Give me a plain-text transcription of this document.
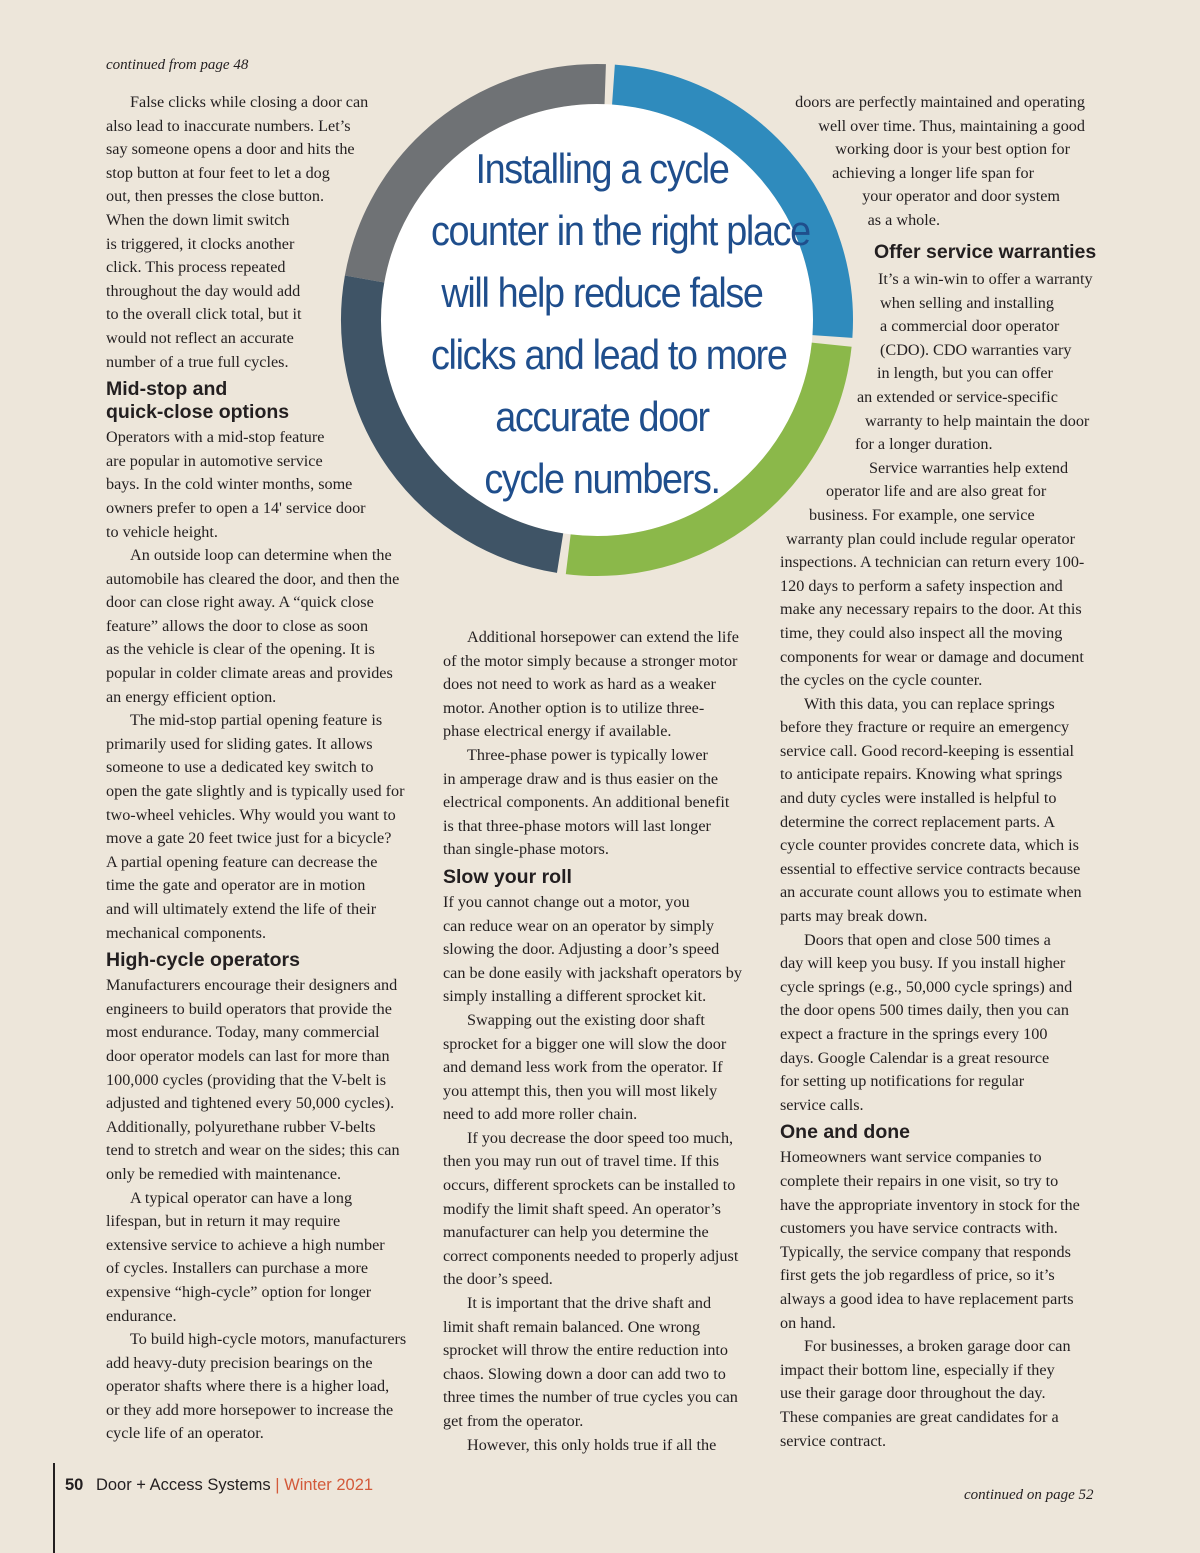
continued from page 48
Installing a cycle
counter in the right place
will help reduce false
clicks and lead to more
accurate door
cycle numbers.
False clicks while closing a door can
also lead to inaccurate numbers. Let’s
say someone opens a door and hits the
stop button at four feet to let a dog
out, then presses the close button.
When the down limit switch
is triggered, it clocks another
click. This process repeated
throughout the day would add
to the overall click total, but it
would not reflect an accurate
number of a true full cycles.
Mid-stop and
quick-close options
Operators with a mid-stop feature
are popular in automotive service
bays. In the cold winter months, some
owners prefer to open a 14' service door
to vehicle height.
An outside loop can determine when the
automobile has cleared the door, and then the
door can close right away. A “quick close
feature” allows the door to close as soon
as the vehicle is clear of the opening. It is
popular in colder climate areas and provides
an energy efficient option.
The mid-stop partial opening feature is
primarily used for sliding gates. It allows
someone to use a dedicated key switch to
open the gate slightly and is typically used for
two-wheel vehicles. Why would you want to
move a gate 20 feet twice just for a bicycle?
A partial opening feature can decrease the
time the gate and operator are in motion
and will ultimately extend the life of their
mechanical components.
High-cycle operators
Manufacturers encourage their designers and
engineers to build operators that provide the
most endurance. Today, many commercial
door operator models can last for more than
100,000 cycles (providing that the V-belt is
adjusted and tightened every 50,000 cycles).
Additionally, polyurethane rubber V-belts
tend to stretch and wear on the sides; this can
only be remedied with maintenance.
A typical operator can have a long
lifespan, but in return it may require
extensive service to achieve a high number
of cycles. Installers can purchase a more
expensive “high-cycle” option for longer
endurance.
To build high-cycle motors, manufacturers
add heavy-duty precision bearings on the
operator shafts where there is a higher load,
or they add more horsepower to increase the
cycle life of an operator.
Additional horsepower can extend the life
of the motor simply because a stronger motor
does not need to work as hard as a weaker
motor. Another option is to utilize three-
phase electrical energy if available.
Three-phase power is typically lower
in amperage draw and is thus easier on the
electrical components. An additional benefit
is that three-phase motors will last longer
than single-phase motors.
Slow your roll
If you cannot change out a motor, you
can reduce wear on an operator by simply
slowing the door. Adjusting a door’s speed
can be done easily with jackshaft operators by
simply installing a different sprocket kit.
Swapping out the existing door shaft
sprocket for a bigger one will slow the door
and demand less work from the operator. If
you attempt this, then you will most likely
need to add more roller chain.
If you decrease the door speed too much,
then you may run out of travel time. If this
occurs, different sprockets can be installed to
modify the limit shaft speed. An operator’s
manufacturer can help you determine the
correct components needed to properly adjust
the door’s speed.
It is important that the drive shaft and
limit shaft remain balanced. One wrong
sprocket will throw the entire reduction into
chaos. Slowing down a door can add two to
three times the number of true cycles you can
get from the operator.
However, this only holds true if all the
doors are perfectly maintained and operating
well over time. Thus, maintaining a good
working door is your best option for
achieving a longer life span for
your operator and door system
as a whole.
Offer service warranties
It’s a win-win to offer a warranty
when selling and installing
a commercial door operator
(CDO). CDO warranties vary
in length, but you can offer
an extended or service-specific
warranty to help maintain the door
for a longer duration.
Service warranties help extend
operator life and are also great for
business. For example, one service
warranty plan could include regular operator
inspections. A technician can return every 100-
120 days to perform a safety inspection and
make any necessary repairs to the door. At this
time, they could also inspect all the moving
components for wear or damage and document
the cycles on the cycle counter.
With this data, you can replace springs
before they fracture or require an emergency
service call. Good record-keeping is essential
to anticipate repairs. Knowing what springs
and duty cycles were installed is helpful to
determine the correct replacement parts. A
cycle counter provides concrete data, which is
essential to effective service contracts because
an accurate count allows you to estimate when
parts may break down.
Doors that open and close 500 times a
day will keep you busy. If you install higher
cycle springs (e.g., 50,000 cycle springs) and
the door opens 500 times daily, then you can
expect a fracture in the springs every 100
days. Google Calendar is a great resource
for setting up notifications for regular
service calls.
One and done
Homeowners want service companies to
complete their repairs in one visit, so try to
have the appropriate inventory in stock for the
customers you have service contracts with.
Typically, the service company that responds
first gets the job regardless of price, so it’s
always a good idea to have replacement parts
on hand.
For businesses, a broken garage door can
impact their bottom line, especially if they
use their garage door throughout the day.
These companies are great candidates for a
service contract.
continued on page 52
50 Door + Access Systems | Winter 2021
